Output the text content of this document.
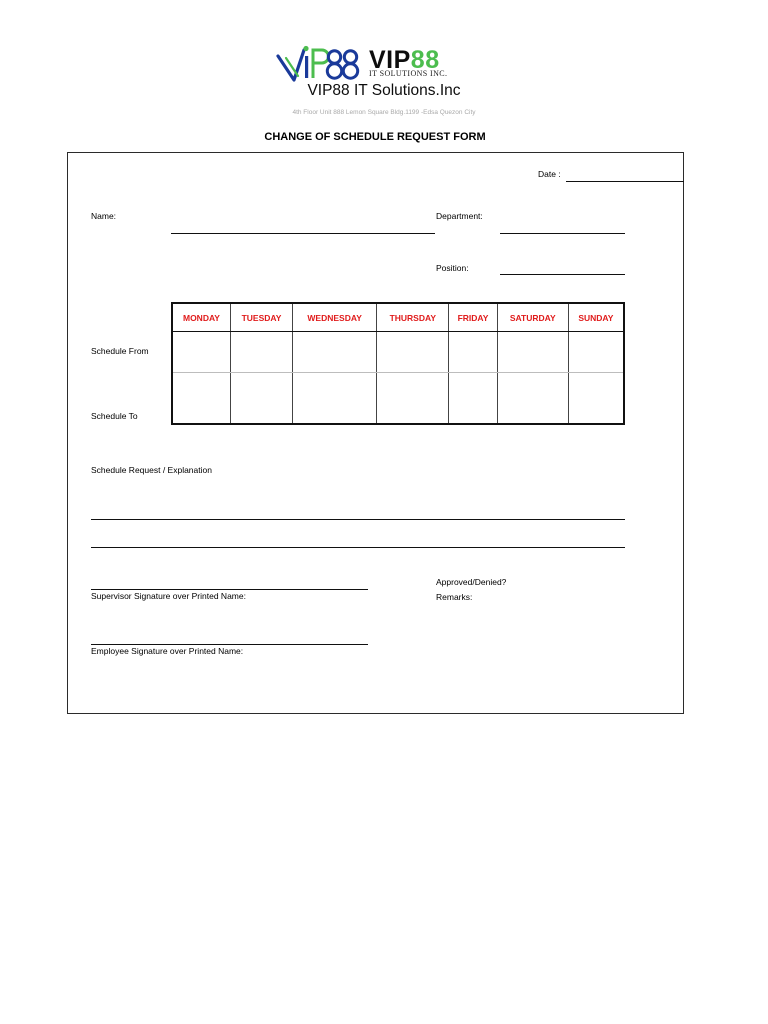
VIP88
IT SOLUTIONS INC.
VIP88 IT Solutions.Inc
4th Floor Unit 888 Lemon Square Bldg.1199 -Edsa Quezon City
CHANGE OF SCHEDULE REQUEST FORM
Date :
Name:	Department:
Position:
Schedule From
Schedule To
MONDAY	TUESDAY	WEDNESDAY	THURSDAY	FRIDAY	SATURDAY	SUNDAY

Schedule Request / Explanation
Supervisor Signature over Printed Name:
Approved/Denied?
Remarks:
Employee Signature over Printed Name:
